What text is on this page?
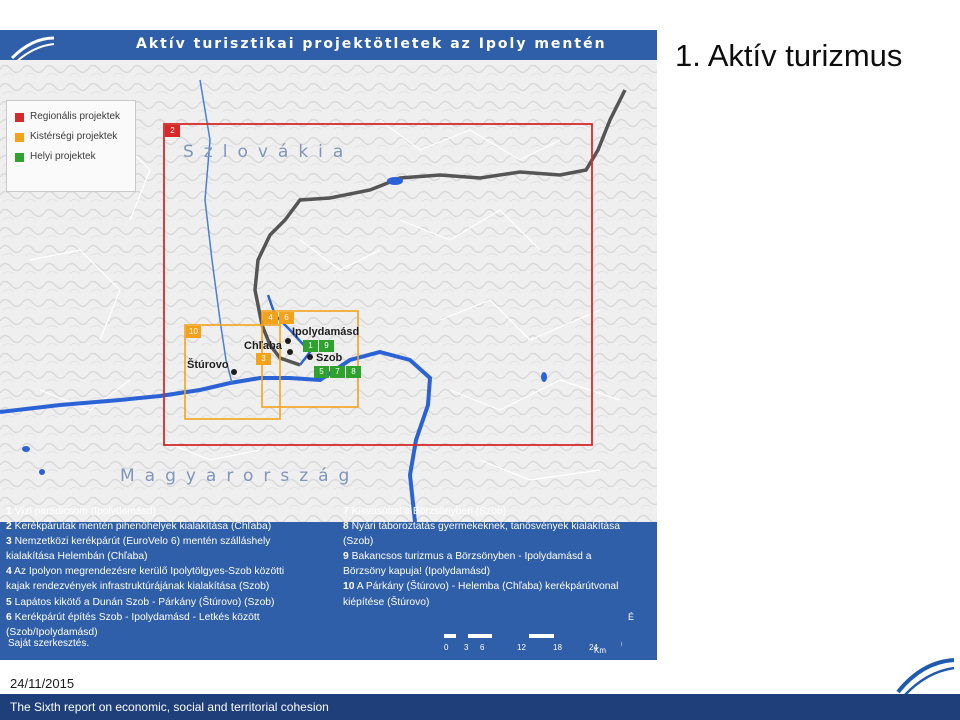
1. Aktív turizmus
Aktív turisztikai projektötletek az Ipoly mentén
Regionális projektek
Kistérségi projektek
Helyi projektek	Szlovákia
Magyarország
Ipolydamásd
Chľaba
Szob
Štúrovo
2
4	6
10
3
1	9
5	7	8
1 Vízi paradicsom (Ipolydamásd)
2 Kerékpárutak mentén pihenőhelyek kialakítása (Chľaba)
3 Nemzetközi kerékpárút (EuroVelo 6) mentén szálláshely
kialakítása Helembán (Chľaba)
4 Az Ipolyon megrendezésre kerülő Ipolytölgyes-Szob közötti
kajak rendezvények infrastruktúrájának kialakítása (Szob)
5 Lapátos kikötő a Dunán Szob - Párkány (Štúrovo) (Szob)
6 Kerékpárút építés Szob - Ipolydamásd - Letkés között
(Szob/Ipolydamásd)
7 Kisvasúttal a Börzsönyben (Szob)
8 Nyári táboroztatás gyermekeknek, tanösvények kialakítása
(Szob)
9 Bakancsos turizmus a Börzsönyben - Ipolydamásd a
Börzsöny kapuja! (Ipolydamásd)
10 A Párkány (Štúrovo) - Helemba (Chľaba) kerékpárútvonal
kiépítése (Štúrovo)
Saját szerkesztés.	0 3 6	12	18	24
Km
É
24/11/2015
The Sixth report on economic, social and territorial cohesion
